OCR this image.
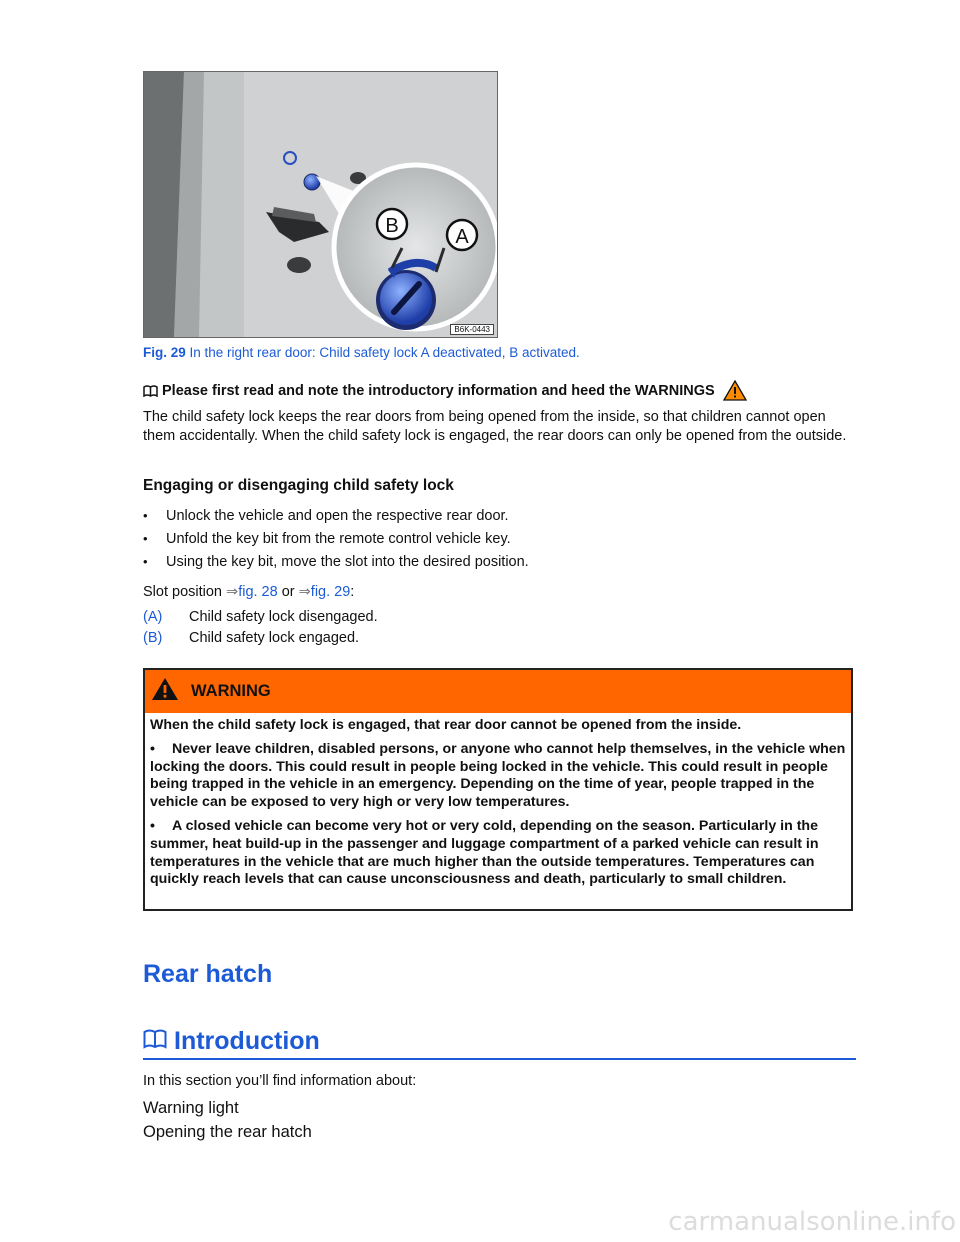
B	A
B6K-0443
Fig. 29 In the right rear door: Child safety lock A deactivated, B activated.
Please first read and note the introductory information and heed the WARNINGS
The child safety lock keeps the rear doors from being opened from the inside, so that children cannot open them accidentally. When the child safety lock is engaged, the rear doors can only be opened from the outside.
Engaging or disengaging child safety lock
•	Unlock the vehicle and open the respective rear door.
•	Unfold the key bit from the remote control vehicle key.
•	Using the key bit, move the slot into the desired position.
Slot position ⇒fig. 28 or ⇒fig. 29:
(A)	Child safety lock disengaged.
(B)	Child safety lock engaged.
WARNING

When the child safety lock is engaged, that rear door cannot be opened from the inside.

• Never leave children, disabled persons, or anyone who cannot help themselves, in the vehicle when locking the doors. This could result in people being locked in the vehicle. This could result in people being trapped in the vehicle in an emergency. Depending on the time of year, people trapped in the vehicle can be exposed to very high or very low temperatures.

• A closed vehicle can become very hot or very cold, depending on the season. Particularly in the summer, heat build-up in the passenger and luggage compartment of a parked vehicle can result in temperatures in the vehicle that are much higher than the outside temperatures. Temperatures can quickly reach levels that can cause unconsciousness and death, particularly to small children.

Rear hatch
Introduction
In this section you’ll find information about:
Warning light
Opening the rear hatch
carmanualsonline.info
